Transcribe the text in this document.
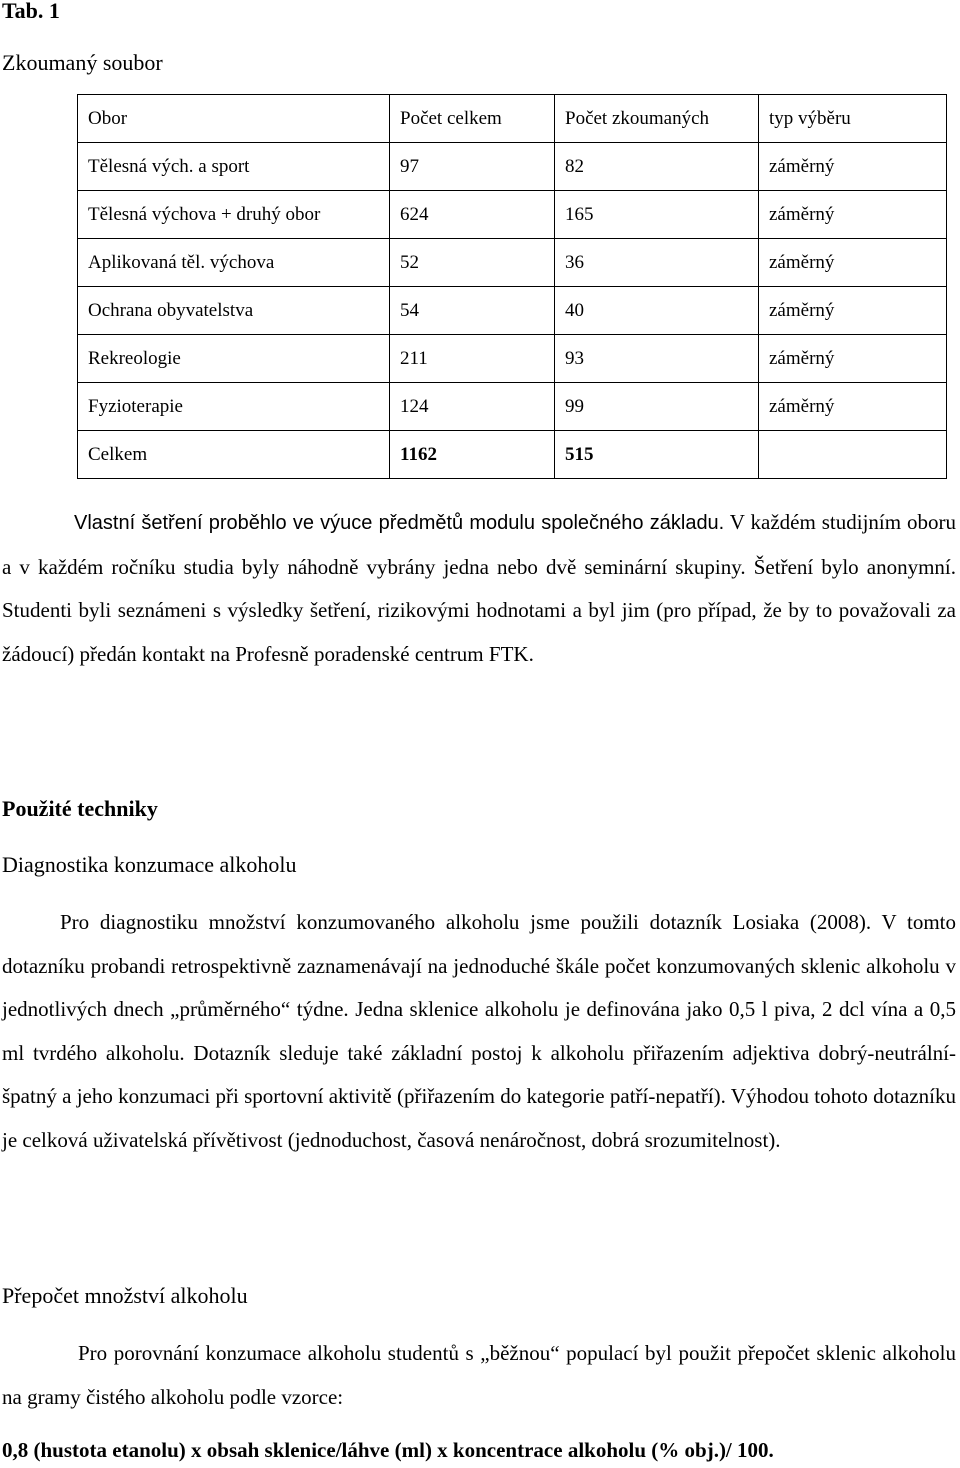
Tab. 1
Zkoumaný soubor
Obor	Počet celkem	Počet zkoumaných	typ výběru
Tělesná vých. a sport	97	82	záměrný
Tělesná výchova + druhý obor	624	165	záměrný
Aplikovaná těl. výchova	52	36	záměrný
Ochrana obyvatelstva	54	40	záměrný
Rekreologie	211	93	záměrný
Fyzioterapie	124	99	záměrný
Celkem	1162	515	
Vlastní šetření proběhlo ve výuce předmětů modulu společného základu. V každém studijním oboru a v každém ročníku studia byly náhodně vybrány jedna nebo dvě seminární skupiny. Šetření bylo anonymní. Studenti byli seznámeni s výsledky šetření, rizikovými hodnotami a byl jim (pro případ, že by to považovali za žádoucí) předán kontakt na Profesně poradenské centrum FTK.
Použité techniky
Diagnostika konzumace alkoholu
Pro diagnostiku množství konzumovaného alkoholu jsme použili dotazník Losiaka (2008). V tomto dotazníku probandi retrospektivně zaznamenávají na jednoduché škále počet konzumovaných sklenic alkoholu v jednotlivých dnech „průměrného“ týdne. Jedna sklenice alkoholu je definována jako 0,5 l piva, 2 dcl vína a 0,5 ml tvrdého alkoholu. Dotazník sleduje také základní postoj k alkoholu přiřazením adjektiva dobrý-neutrální-špatný a jeho konzumaci při sportovní aktivitě (přiřazením do kategorie patří-nepatří). Výhodou tohoto dotazníku je celková uživatelská přívětivost (jednoduchost, časová nenáročnost, dobrá srozumitelnost).
Přepočet množství alkoholu
Pro porovnání konzumace alkoholu studentů s „běžnou“ populací byl použit přepočet sklenic alkoholu na gramy čistého alkoholu podle vzorce:
0,8 (hustota etanolu) x obsah sklenice/láhve (ml) x koncentrace alkoholu (% obj.)/ 100.
